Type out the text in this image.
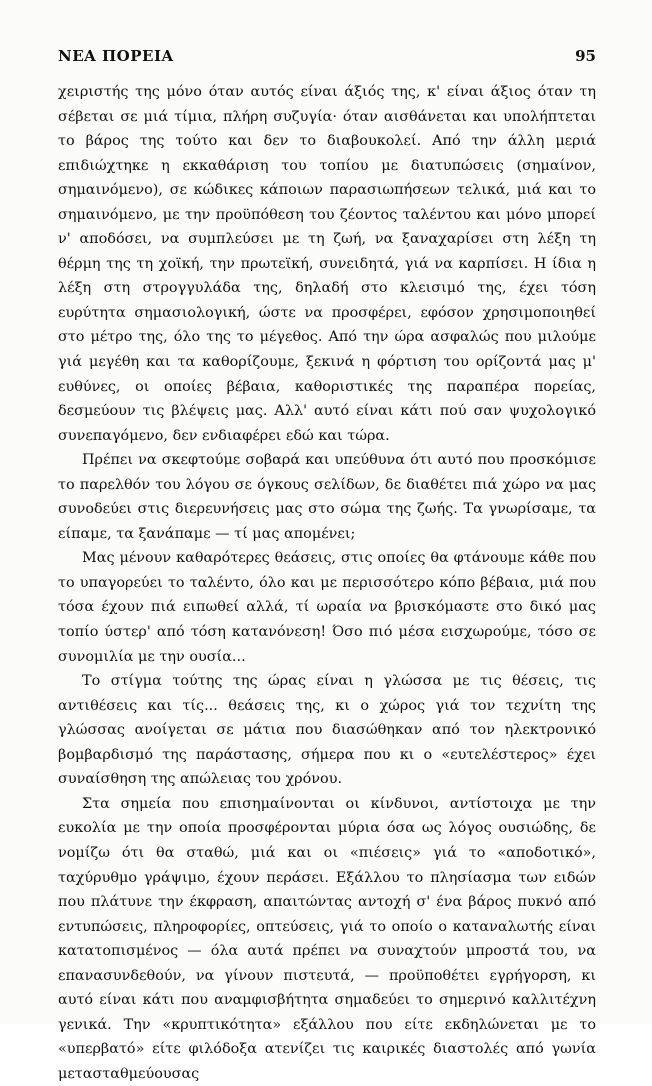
ΝΕΑ ΠΟΡΕΙΑ	95

χειριστής της μόνο όταν αυτός είναι άξιός της, κ' είναι άξιος όταν τη σέβεται σε μιά τίμια, πλήρη συζυγία· όταν αισθάνεται και υπολήπτεται το βάρος της τούτο και δεν το διαβουκολεί. Από την άλλη μεριά επιδιώχτηκε η εκκαθάριση του τοπίου με διατυπώσεις (σημαίνον, σημαινόμενο), σε κώδικες κάποιων παρασιωπήσεων τελικά, μιά και το σημαινόμενο, με την προϋπόθεση του ζέοντος ταλέντου και μόνο μπορεί ν' αποδόσει, να συμπλεύσει με τη ζωή, να ξαναχαρίσει στη λέξη τη θέρμη της τη χοϊκή, την πρωτεϊκή, συνειδητά, γιά να καρπίσει. Η ίδια η λέξη στη στρογγυλάδα της, δηλαδή στο κλεισιμό της, έχει τόση ευρύτητα σημασιολογική, ώστε να προσφέρει, εφόσον χρησιμοποιηθεί στο μέτρο της, όλο της το μέγεθος. Από την ώρα ασφαλώς που μιλούμε γιά μεγέθη και τα καθορίζουμε, ξεκινά η φόρτιση του ορίζοντά μας μ' ευθύνες, οι οποίες βέβαια, καθοριστικές της παραπέρα πορείας, δεσμεύουν τις βλέψεις μας. Αλλ' αυτό είναι κάτι πού σαν ψυχολογικό συνεπαγόμενο, δεν ενδιαφέρει εδώ και τώρα.

Πρέπει να σκεφτούμε σοβαρά και υπεύθυνα ότι αυτό που προσκόμισε το παρελθόν του λόγου σε όγκους σελίδων, δε διαθέτει πιά χώρο να μας συνοδεύει στις διερευνήσεις μας στο σώμα της ζωής. Τα γνωρίσαμε, τα είπαμε, τα ξανάπαμε — τί μας απομένει;

Μας μένουν καθαρότερες θεάσεις, στις οποίες θα φτάνουμε κάθε που το υπαγορεύει το ταλέντο, όλο και με περισσότερο κόπο βέβαια, μιά που τόσα έχουν πιά ειπωθεί αλλά, τί ωραία να βρισκόμαστε στο δικό μας τοπίο ύστερ' από τόση κατανόνεση! Όσο πιό μέσα εισχωρούμε, τόσο σε συνομιλία με την ουσία...

Το στίγμα τούτης της ώρας είναι η γλώσσα με τις θέσεις, τις αντιθέσεις και τίς... θεάσεις της, κι ο χώρος γιά τον τεχνίτη της γλώσσας ανοίγεται σε μάτια που διασώθηκαν από τον ηλεκτρονικό βομβαρδισμό της παράστασης, σήμερα που κι ο «ευτελέστερος» έχει συναίσθηση της απώλειας του χρόνου.

Στα σημεία που επισημαίνονται οι κίνδυνοι, αντίστοιχα με την ευκολία με την οποία προσφέρονται μύρια όσα ως λόγος ουσιώδης, δε νομίζω ότι θα σταθώ, μιά και οι «πιέσεις» γιά το «αποδοτικό», ταχύρυθμο γράψιμο, έχουν περάσει. Εξάλλου το πλησίασμα των ειδών που πλάτυνε την έκφραση, απαιτώντας αντοχή σ' ένα βάρος πυκνό από εντυπώσεις, πληροφορίες, οπτεύσεις, γιά το οποίο ο καταναλωτής είναι κατατοπισμένος — όλα αυτά πρέπει να συναχτούν μπροστά του, να επανασυνδεθούν, να γίνουν πιστευτά, — προϋποθέτει εγρήγορση, κι αυτό είναι κάτι που αναμφισβήτητα σημαδεύει το σημερινό καλλιτέχνη γενικά. Την «κρυπτικότητα» εξάλλου που είτε εκδηλώνεται με το «υπερβατό» είτε φιλόδοξα ατενίζει τις καιρικές διαστολές από γωνία μετασταθμεύουσας
